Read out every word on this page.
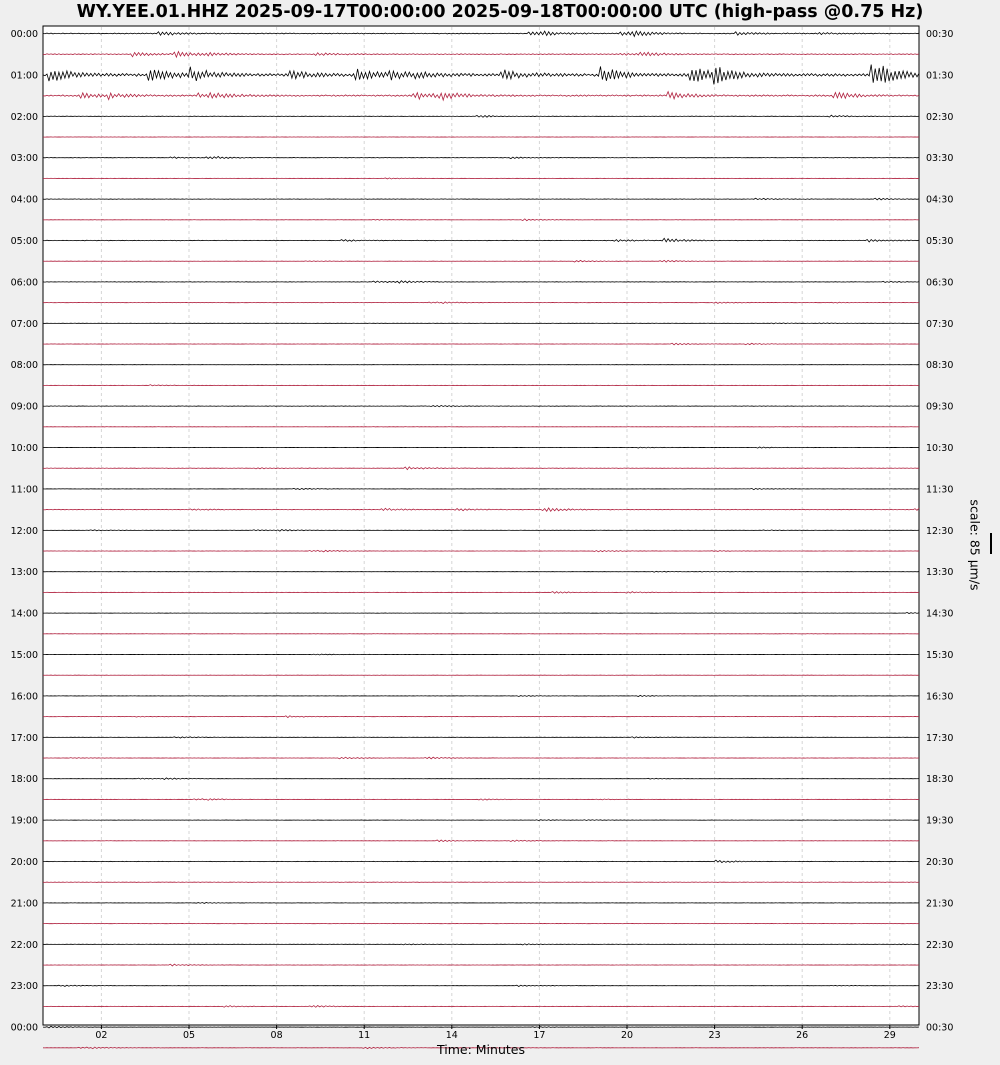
WY.YEE.01.HHZ 2025-09-17T00:00:00 2025-09-18T00:00:00 UTC (high-pass @0.75 Hz)
00:00
01:00
02:00
03:00
04:00
05:00
06:00
07:00
08:00
09:00
10:00
11:00
12:00
13:00
14:00
15:00
16:00
17:00
18:00
19:00
20:00
21:00
22:00
23:00
00:00
00:30
01:30
02:30
03:30
04:30
05:30
06:30
07:30
08:30
09:30
10:30
11:30
12:30
13:30
14:30
15:30
16:30
17:30
18:30
19:30
20:30
21:30
22:30
23:30
00:30
02	05	08	11	14	17	20	23	26	29
Time: Minutes
scale: 85 μm/s
